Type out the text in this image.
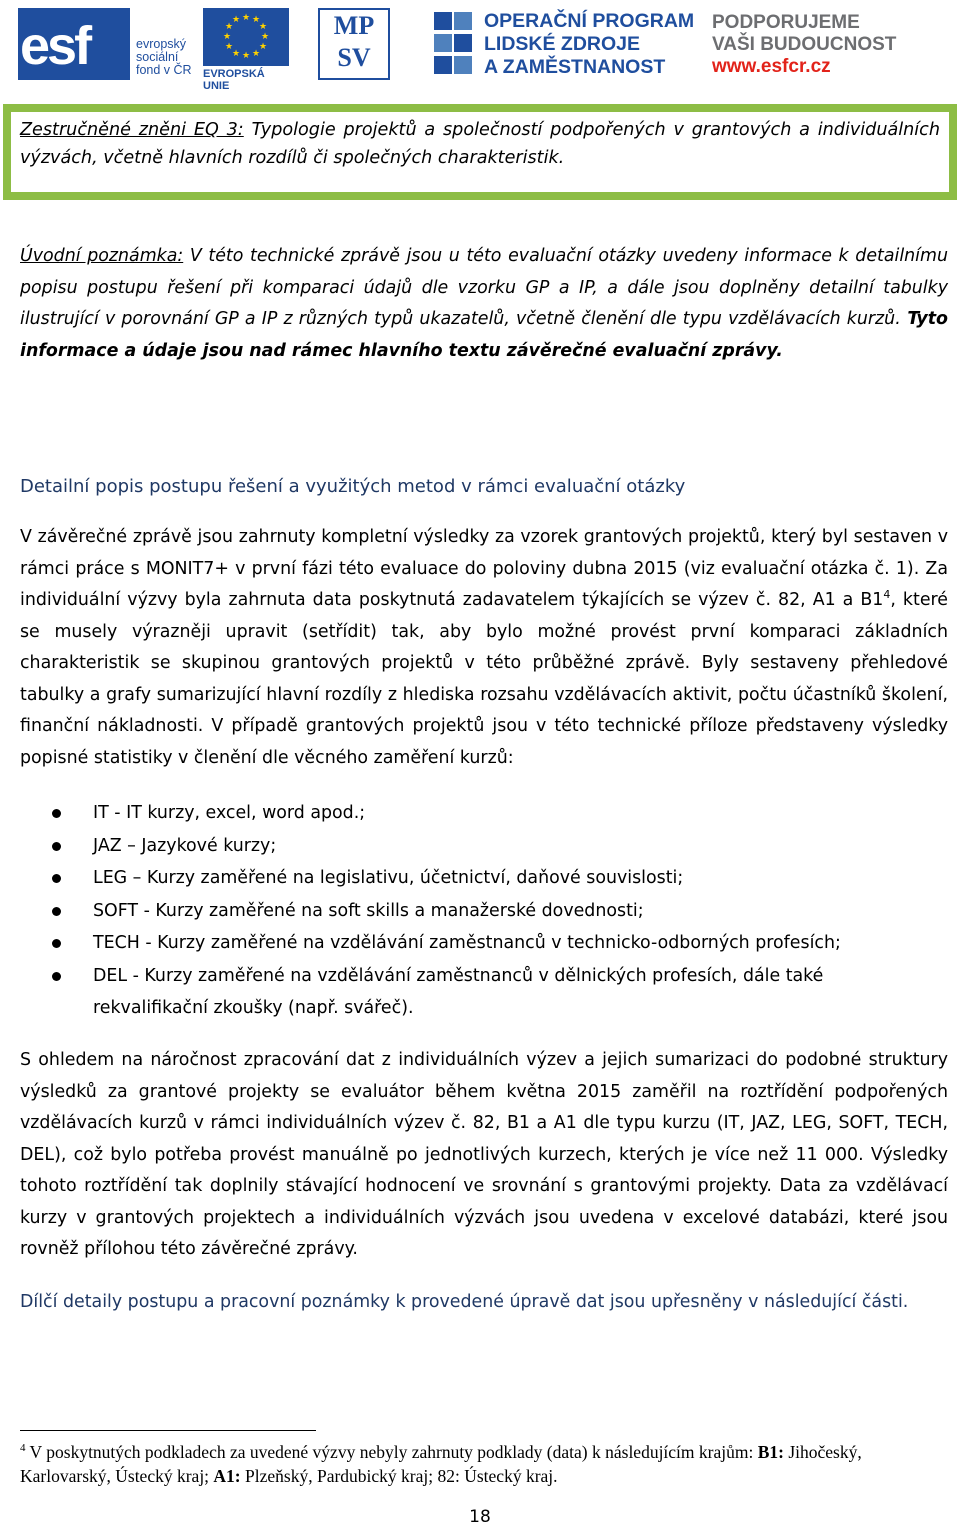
esf	evropský
sociální
fond v ČR
★ ★
★
★
★
★
★
★
★
★
★
★
EVROPSKÁ UNIE
MP
SV
OPERAČNÍ PROGRAM
LIDSKÉ ZDROJE
A ZAMĚSTNANOST
PODPORUJEME
VAŠI BUDOUCNOST
www.esfcr.cz
Zestručněné zněni EQ 3: Typologie projektů a společností podpořených v grantových a individuálních výzvách, včetně hlavních rozdílů či společných charakteristik.
Úvodní poznámka: V této technické zprávě jsou u této evaluační otázky uvedeny informace k detailnímu popisu postupu řešení při komparaci údajů dle vzorku GP a IP, a dále jsou doplněny detailní tabulky ilustrující v porovnání GP a IP z různých typů ukazatelů, včetně členění dle typu vzdělávacích kurzů. Tyto informace a údaje jsou nad rámec hlavního textu závěrečné evaluační zprávy.
Detailní popis postupu řešení a využitých metod v rámci evaluační otázky
V závěrečné zprávě jsou zahrnuty kompletní výsledky za vzorek grantových projektů, který byl sestaven v rámci práce s MONIT7+ v první fázi této evaluace do poloviny dubna 2015 (viz evaluační otázka č. 1). Za individuální výzvy byla zahrnuta data poskytnutá zadavatelem týkajících se výzev č. 82, A1 a $B1^4$, které se musely výrazněji upravit (setřídit) tak, aby bylo možné provést první komparaci základních charakteristik se skupinou grantových projektů v této průběžné zprávě. Byly sestaveny přehledové tabulky a grafy sumarizující hlavní rozdíly z hlediska rozsahu vzdělávacích aktivit, počtu účastníků školení, finanční nákladnosti. V případě grantových projektů jsou v této technické příloze představeny výsledky popisné statistiky v členění dle věcného zaměření kurzů:
IT - IT kurzy, excel, word apod.;
JAZ – Jazykové kurzy;
LEG – Kurzy zaměřené na legislativu, účetnictví, daňové souvislosti;
SOFT - Kurzy zaměřené na soft skills a manažerské dovednosti;
TECH - Kurzy zaměřené na vzdělávání zaměstnanců v technicko-odborných profesích;
DEL - Kurzy zaměřené na vzdělávání zaměstnanců v dělnických profesích, dále také rekvalifikační zkoušky (např. svářeč).
S ohledem na náročnost zpracování dat z individuálních výzev a jejich sumarizaci do podobné struktury výsledků za grantové projekty se evaluátor během května 2015 zaměřil na roztřídění podpořených vzdělávacích kurzů v rámci individuálních výzev č. 82, B1 a A1 dle typu kurzu (IT, JAZ, LEG, SOFT, TECH, DEL), což bylo potřeba provést manuálně po jednotlivých kurzech, kterých je více než 11 000. Výsledky tohoto roztřídění tak doplnily stávající hodnocení ve srovnání s grantovými projekty. Data za vzdělávací kurzy v grantových projektech a individuálních výzvách jsou uvedena v excelové databázi, které jsou rovněž přílohou této závěrečné zprávy.
Dílčí detaily postupu a pracovní poznámky k provedené úpravě dat jsou upřesněny v následující části.
$^4$ V poskytnutých podkladech za uvedené výzvy nebyly zahrnuty podklady (data) k následujícím krajům: B1: Jihočeský, Karlovarský, Ústecký kraj; A1: Plzeňský, Pardubický kraj; 82: Ústecký kraj.
18
